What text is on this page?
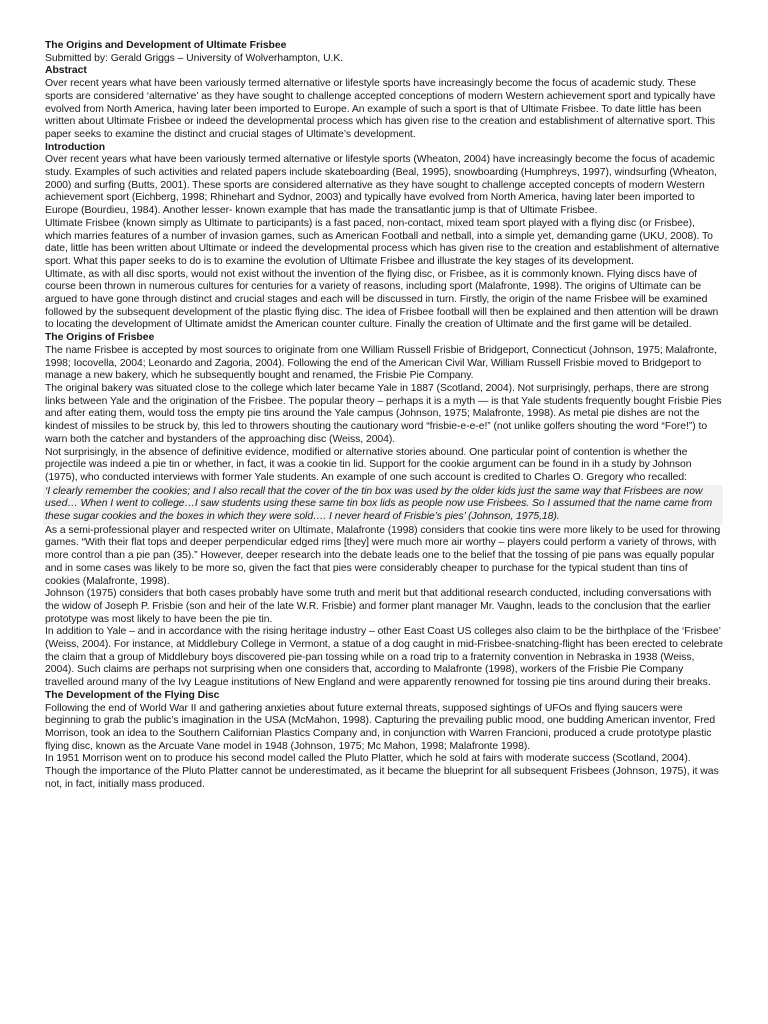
The Origins and Development of Ultimate Frisbee
Submitted by: Gerald Griggs – University of Wolverhampton, U.K.
Abstract

Over recent years what have been variously termed alternative or lifestyle sports have increasingly become the focus of academic study. These sports are considered ‘alternative’ as they have sought to challenge accepted conceptions of modern Western achievement sport and typically have evolved from North America, having later been imported to Europe. An example of such a sport is that of Ultimate Frisbee. To date little has been written about Ultimate Frisbee or indeed the developmental process which has given rise to the creation and establishment of alternative sport. This paper seeks to examine the distinct and crucial stages of Ultimate’s development.

Introduction

Over recent years what have been variously termed alternative or lifestyle sports (Wheaton, 2004) have increasingly become the focus of academic study. Examples of such activities and related papers include skateboarding (Beal, 1995), snowboarding (Humphreys, 1997), windsurfing (Wheaton, 2000) and surfing (Butts, 2001). These sports are considered alternative as they have sought to challenge accepted concepts of modern Western achievement sport (Eichberg, 1998; Rhinehart and Sydnor, 2003) and typically have evolved from North America, having later been imported to Europe (Bourdieu, 1984). Another lesser- known example that has made the transatlantic jump is that of Ultimate Frisbee.

Ultimate Frisbee (known simply as Ultimate to participants) is a fast paced, non-contact, mixed team sport played with a flying disc (or Frisbee), which marries features of a number of invasion games, such as American Football and netball, into a simple yet, demanding game (UKU, 2008). To date, little has been written about Ultimate or indeed the developmental process which has given rise to the creation and establishment of alternative sport. What this paper seeks to do is to examine the evolution of Ultimate Frisbee and illustrate the key stages of its development.

Ultimate, as with all disc sports, would not exist without the invention of the flying disc, or Frisbee, as it is commonly known. Flying discs have of course been thrown in numerous cultures for centuries for a variety of reasons, including sport (Malafronte, 1998). The origins of Ultimate can be argued to have gone through distinct and crucial stages and each will be discussed in turn. Firstly, the origin of the name Frisbee will be examined followed by the subsequent development of the plastic flying disc. The idea of Frisbee football will then be explained and then attention will be drawn to locating the development of Ultimate amidst the American counter culture. Finally the creation of Ultimate and the first game will be detailed.

The Origins of Frisbee

The name Frisbee is accepted by most sources to originate from one William Russell Frisbie of Bridgeport, Connecticut (Johnson, 1975; Malafronte, 1998; Iocovella, 2004; Leonardo and Zagoria, 2004). Following the end of the American Civil War, William Russell Frisbie moved to Bridgeport to manage a new bakery, which he subsequently bought and renamed, the Frisbie Pie Company.

The original bakery was situated close to the college which later became Yale in 1887 (Scotland, 2004). Not surprisingly, perhaps, there are strong links between Yale and the origination of the Frisbee. The popular theory – perhaps it is a myth — is that Yale students frequently bought Frisbie Pies and after eating them, would toss the empty pie tins around the Yale campus (Johnson, 1975; Malafronte, 1998). As metal pie dishes are not the kindest of missiles to be struck by, this led to throwers shouting the cautionary word “frisbie-e-e-e!” (not unlike golfers shouting the word “Fore!”) to warn both the catcher and bystanders of the approaching disc (Weiss, 2004).

Not surprisingly, in the absence of definitive evidence, modified or alternative stories abound. One particular point of contention is whether the projectile was indeed a pie tin or whether, in fact, it was a cookie tin lid. Support for the cookie argument can be found in ih a study by Johnson (1975), who conducted interviews with former Yale students. An example of one such account is credited to Charles O. Gregory who recalled:

‘I clearly remember the cookies; and I also recall that the cover of the tin box was used by the older kids just the same way that Frisbees are now used… When I went to college…I saw students using these same tin box lids as people now use Frisbees. So I assumed that the name came from these sugar cookies and the boxes in which they were sold…. I never heard of Frisbie’s pies’ (Johnson, 1975,18).

As a semi-professional player and respected writer on Ultimate, Malafronte (1998) considers that cookie tins were more likely to be used for throwing games. “With their flat tops and deeper perpendicular edged rims [they] were much more air worthy – players could perform a variety of throws, with more control than a pie pan (35).” However, deeper research into the debate leads one to the belief that the tossing of pie pans was equally popular and in some cases was likely to be more so, given the fact that pies were considerably cheaper to purchase for the typical student than tins of cookies (Malafronte, 1998).

Johnson (1975) considers that both cases probably have some truth and merit but that additional research conducted, including conversations with the widow of Joseph P. Frisbie (son and heir of the late W.R. Frisbie) and former plant manager Mr. Vaughn, leads to the conclusion that the earlier prototype was most likely to have been the pie tin.

In addition to Yale – and in accordance with the rising heritage industry – other East Coast US colleges also claim to be the birthplace of the ‘Frisbee’ (Weiss, 2004). For instance, at Middlebury College in Vermont, a statue of a dog caught in mid-Frisbee-snatching-flight has been erected to celebrate the claim that a group of Middlebury boys discovered pie-pan tossing while on a road trip to a fraternity convention in Nebraska in 1938 (Weiss, 2004). Such claims are perhaps not surprising when one considers that, according to Malafronte (1998), workers of the Frisbie Pie Company travelled around many of the Ivy League institutions of New England and were apparently renowned for tossing pie tins around during their breaks.

The Development of the Flying Disc

Following the end of World War II and gathering anxieties about future external threats, supposed sightings of UFOs and flying saucers were beginning to grab the public’s imagination in the USA (McMahon, 1998). Capturing the prevailing public mood, one budding American inventor, Fred Morrison, took an idea to the Southern Californian Plastics Company and, in conjunction with Warren Francioni, produced a crude prototype plastic flying disc, known as the Arcuate Vane model in 1948 (Johnson, 1975; Mc Mahon, 1998; Malafronte 1998).

In 1951 Morrison went on to produce his second model called the Pluto Platter, which he sold at fairs with moderate success (Scotland, 2004). Though the importance of the Pluto Platter cannot be underestimated, as it became the blueprint for all subsequent Frisbees (Johnson, 1975), it was not, in fact, initially mass produced.
